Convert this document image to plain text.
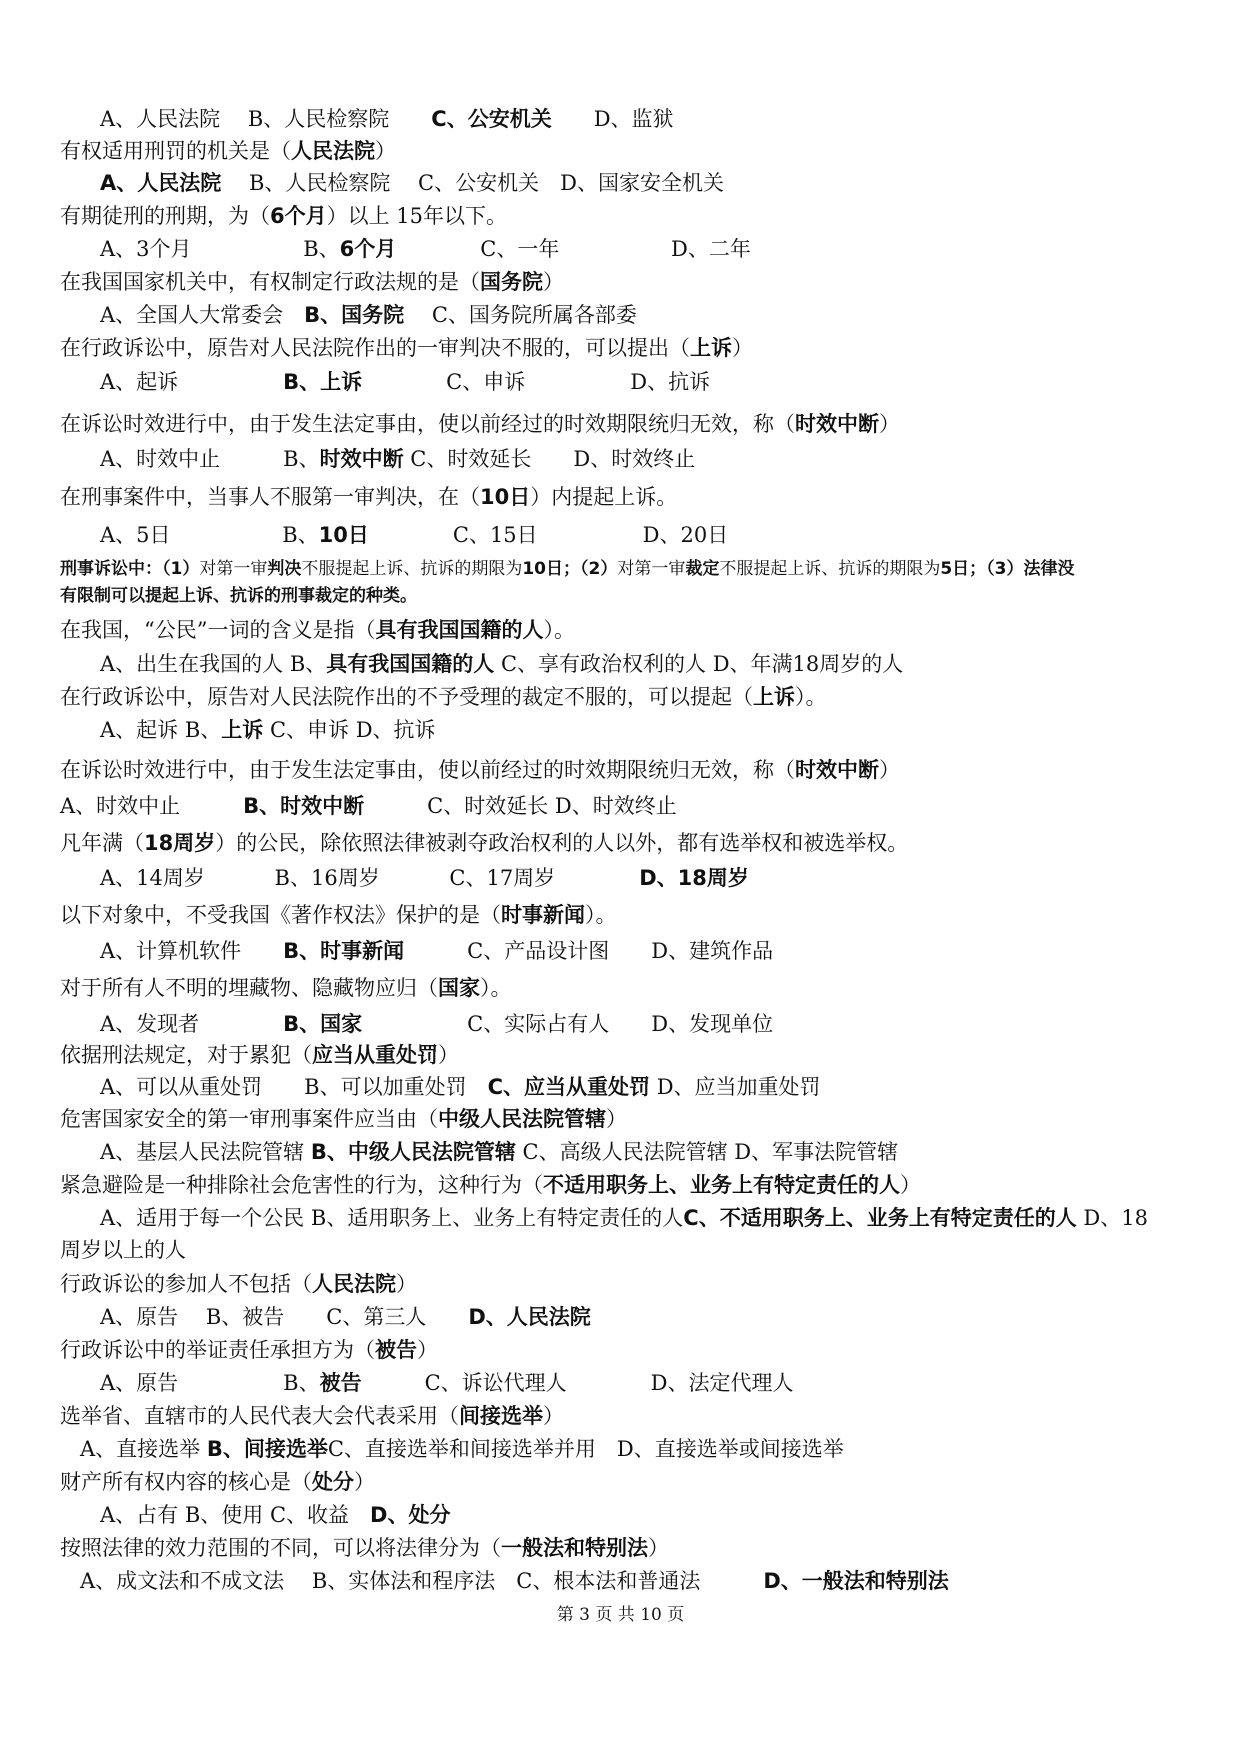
A、人民法院　 B、人民检察院　　C、公安机关　　D、监狱
有权适用刑罚的机关是（人民法院）
A、人民法院　 B、人民检察院　 C、公安机关　D、国家安全机关
有期徒刑的刑期，为（6个月）以上 15年以下。
A、3个月　　　　　 B、6个月　　　　C、一年　　　　　 D、二年
在我国国家机关中，有权制定行政法规的是（国务院）
A、全国人大常委会　B、国务院　 C、国务院所属各部委
在行政诉讼中，原告对人民法院作出的一审判决不服的，可以提出（上诉）
A、起诉　　　　　B、上诉　　　　C、申诉　　　　　D、抗诉
在诉讼时效进行中，由于发生法定事由，使以前经过的时效期限统归无效，称（时效中断）
A、时效中止　　　B、时效中断 C、时效延长　　D、时效终止
在刑事案件中，当事人不服第一审判决，在（10日）内提起上诉。
A、5日　　　　　 B、10日　　　　C、15日　　　　　D、20日
刑事诉讼中：（1）对第一审判决不服提起上诉、抗诉的期限为10日；（2）对第一审裁定不服提起上诉、抗诉的期限为5日；（3）法律没
有限制可以提起上诉、抗诉的刑事裁定的种类。
在我国，“公民”一词的含义是指（具有我国国籍的人）。
A、出生在我国的人 B、具有我国国籍的人 C、享有政治权利的人 D、年满18周岁的人
在行政诉讼中，原告对人民法院作出的不予受理的裁定不服的，可以提起（上诉）。
A、起诉 B、上诉 C、申诉 D、抗诉
在诉讼时效进行中，由于发生法定事由，使以前经过的时效期限统归无效，称（时效中断）
A、时效中止　　　B、时效中断　　　C、时效延长 D、时效终止
凡年满（18周岁）的公民，除依照法律被剥夺政治权利的人以外，都有选举权和被选举权。
A、14周岁　　　 B、16周岁　　　 C、17周岁　　　　D、18周岁
以下对象中，不受我国《著作权法》保护的是（时事新闻）。
A、计算机软件　　B、时事新闻　　　C、产品设计图　　D、建筑作品
对于所有人不明的埋藏物、隐藏物应归（国家）。
A、发现者　　　　B、国家　　　　　C、实际占有人　　D、发现单位
依据刑法规定，对于累犯（应当从重处罚）
A、可以从重处罚　　B、可以加重处罚　C、应当从重处罚 D、应当加重处罚
危害国家安全的第一审刑事案件应当由（中级人民法院管辖）
A、基层人民法院管辖 B、中级人民法院管辖 C、高级人民法院管辖 D、军事法院管辖
紧急避险是一种排除社会危害性的行为，这种行为（不适用职务上、业务上有特定责任的人）
A、适用于每一个公民 B、适用职务上、业务上有特定责任的人C、不适用职务上、业务上有特定责任的人 D、18
周岁以上的人
行政诉讼的参加人不包括（人民法院）
A、原告　 B、被告　　C、第三人　　D、人民法院
行政诉讼中的举证责任承担方为（被告）
A、原告　　　　　B、被告　　　C、诉讼代理人　　　　D、法定代理人
选举省、直辖市的人民代表大会代表采用（间接选举）
A、直接选举 B、间接选举C、直接选举和间接选举并用　D、直接选举或间接选举
财产所有权内容的核心是（处分）
A、占有 B、使用 C、收益　D、处分
按照法律的效力范围的不同，可以将法律分为（一般法和特别法）
A、成文法和不成文法　 B、实体法和程序法　C、根本法和普通法　　　D、一般法和特别法
第 3 页 共 10 页
